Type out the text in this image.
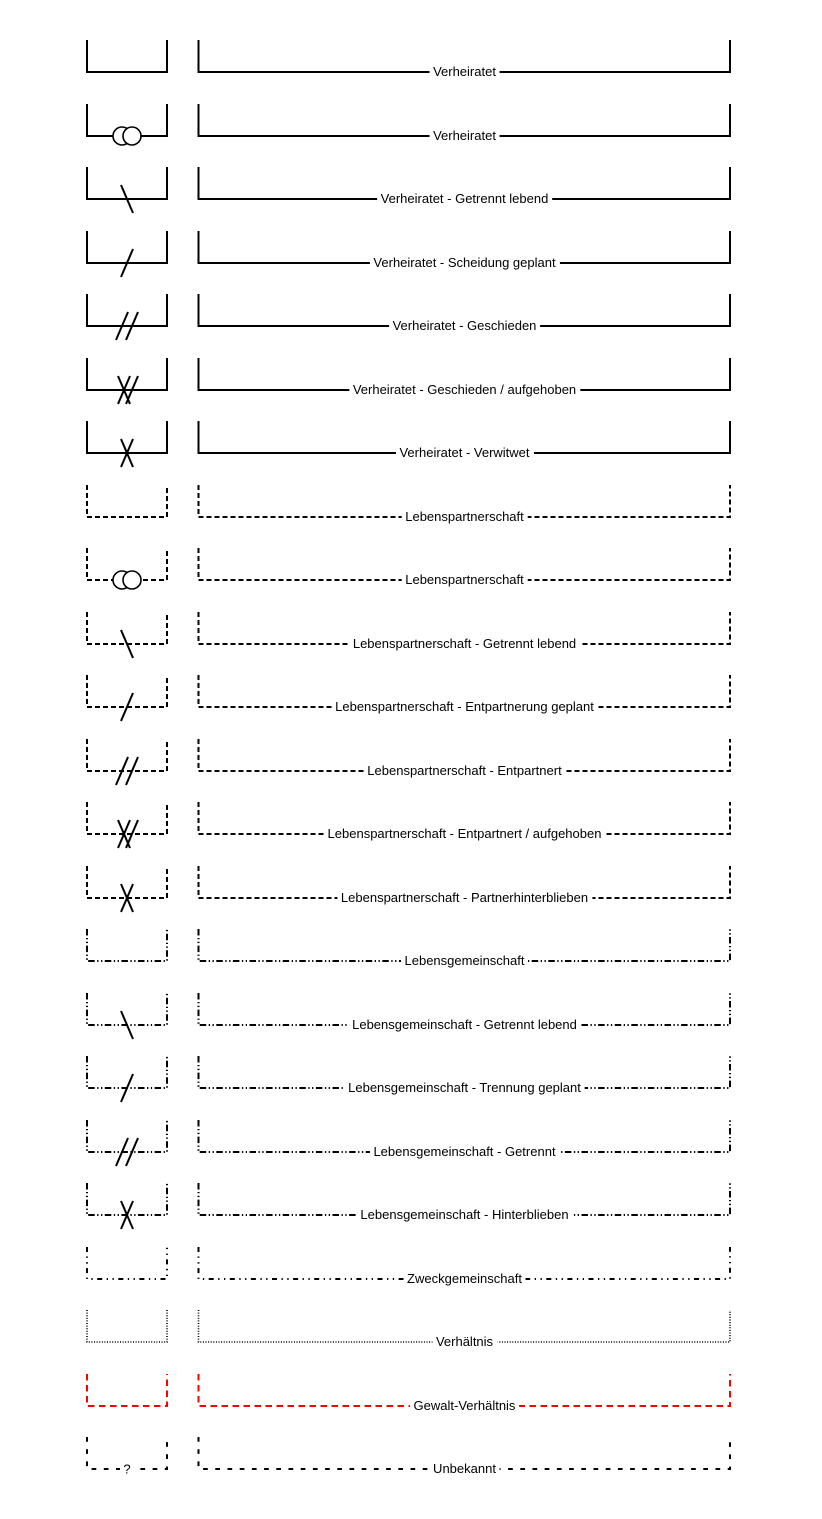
Verheiratet
Verheiratet
Verheiratet - Getrennt lebend
Verheiratet - Scheidung geplant
Verheiratet - Geschieden
Verheiratet - Geschieden / aufgehoben
Verheiratet - Verwitwet
Lebenspartnerschaft
Lebenspartnerschaft
Lebenspartnerschaft - Getrennt lebend
Lebenspartnerschaft - Entpartnerung geplant
Lebenspartnerschaft - Entpartnert
Lebenspartnerschaft - Entpartnert / aufgehoben
Lebenspartnerschaft - Partnerhinterblieben
Lebensgemeinschaft
Lebensgemeinschaft - Getrennt lebend
Lebensgemeinschaft - Trennung geplant
Lebensgemeinschaft - Getrennt
Lebensgemeinschaft - Hinterblieben
Zweckgemeinschaft
Verhältnis
Gewalt-Verhältnis
?	Unbekannt
